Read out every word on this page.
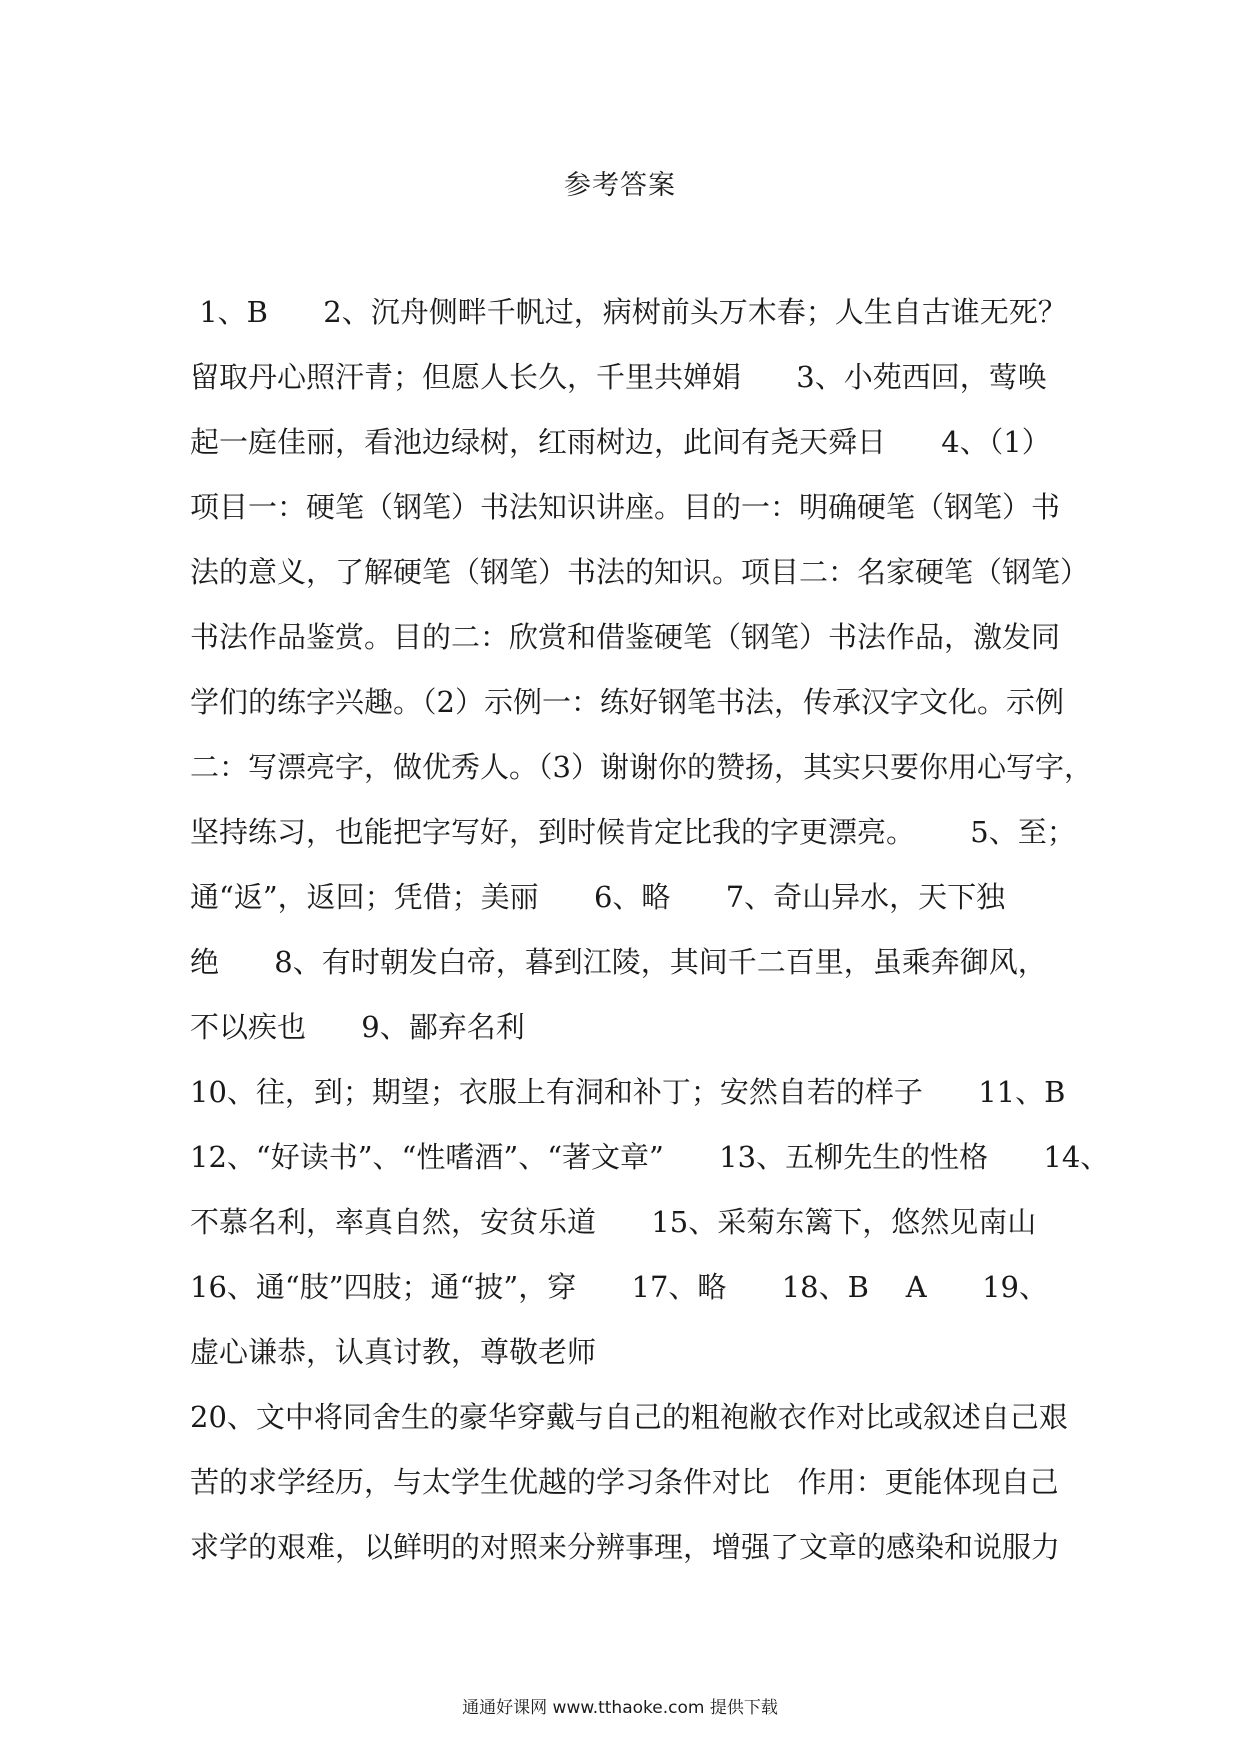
参考答案
1、B      2、沉舟侧畔千帆过，病树前头万木春；人生自古谁无死？
留取丹心照汗青；但愿人长久，千里共婵娟      3、小苑西回，莺唤
起一庭佳丽，看池边绿树，红雨树边，此间有尧天舜日      4、（1）
项目一：硬笔（钢笔）书法知识讲座。目的一：明确硬笔（钢笔）书
法的意义，了解硬笔（钢笔）书法的知识。项目二：名家硬笔（钢笔）
书法作品鉴赏。目的二：欣赏和借鉴硬笔（钢笔）书法作品，激发同
学们的练字兴趣。（2）示例一：练好钢笔书法，传承汉字文化。示例
二：写漂亮字，做优秀人。（3）谢谢你的赞扬，其实只要你用心写字，
坚持练习，也能把字写好，到时候肯定比我的字更漂亮。      5、至；
通“返”，返回；凭借；美丽      6、略      7、奇山异水，天下独
绝      8、有时朝发白帝，暮到江陵，其间千二百里，虽乘奔御风，
不以疾也      9、鄙弃名利
10、往，到；期望；衣服上有洞和补丁；安然自若的样子      11、B
12、“好读书”、“性嗜酒”、“著文章”      13、五柳先生的性格      14、
不慕名利，率真自然，安贫乐道      15、采菊东篱下，悠然见南山
16、通“肢”四肢；通“披”，穿      17、略      18、B    A      19、
虚心谦恭，认真讨教，尊敬老师
20、文中将同舍生的豪华穿戴与自己的粗袍敝衣作对比或叙述自己艰
苦的求学经历，与太学生优越的学习条件对比   作用：更能体现自己
求学的艰难，以鲜明的对照来分辨事理，增强了文章的感染和说服力
通通好课网 www.tthaoke.com 提供下载
